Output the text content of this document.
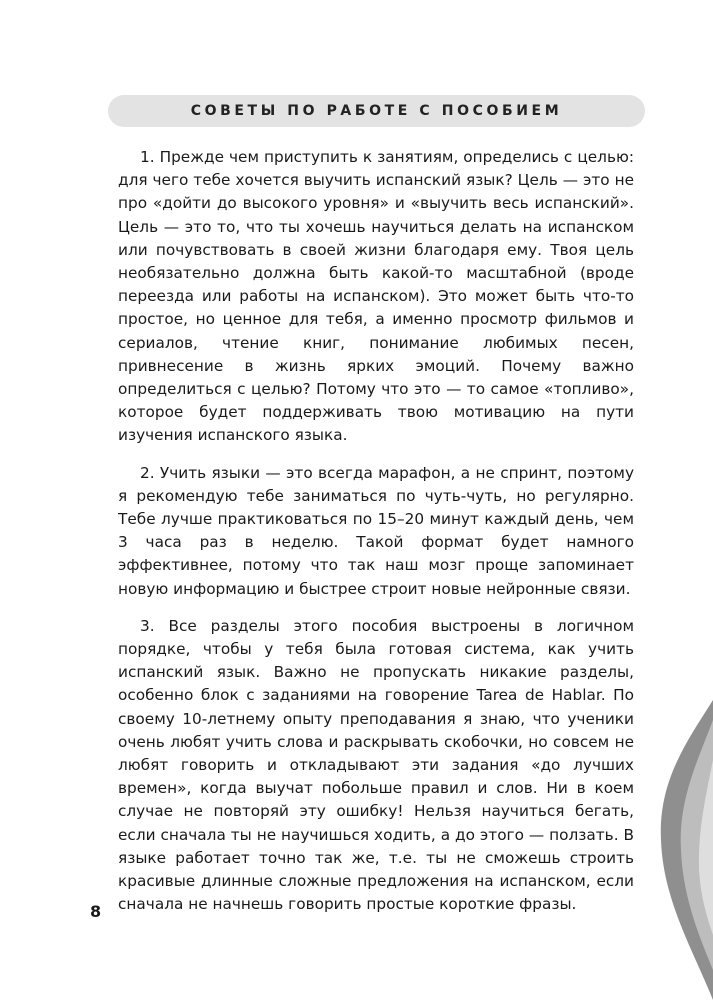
СОВЕТЫ ПО РАБОТЕ С ПОСОБИЕМ

1. Прежде чем приступить к занятиям, определись с целью: для чего тебе хочется выучить испанский язык? Цель — это не про «дойти до высокого уровня» и «выучить весь испанский». Цель — это то, что ты хочешь научиться делать на испанском или почувствовать в своей жизни благодаря ему. Твоя цель необязательно должна быть какой-то масштабной (вроде переезда или работы на испанском). Это может быть что-то простое, но ценное для тебя, а именно просмотр фильмов и сериалов, чтение книг, понимание любимых песен, привнесение в жизнь ярких эмоций. Почему важно определиться с целью? Потому что это — то самое «топливо», которое будет поддерживать твою мотивацию на пути изучения испанского языка.

2. Учить языки — это всегда марафон, а не спринт, поэтому я рекомендую тебе заниматься по чуть-чуть, но регулярно. Тебе лучше практиковаться по 15–20 минут каждый день, чем 3 часа раз в неделю. Такой формат будет намного эффективнее, потому что так наш мозг проще запоминает новую информацию и быстрее строит новые нейронные связи.

3. Все разделы этого пособия выстроены в логичном порядке, чтобы у тебя была готовая система, как учить испанский язык. Важно не пропускать никакие разделы, особенно блок с заданиями на говорение Tarea de Hablar. По своему 10-летнему опыту преподавания я знаю, что ученики очень любят учить слова и раскрывать скобочки, но совсем не любят говорить и откладывают эти задания «до лучших времен», когда выучат побольше правил и слов. Ни в коем случае не повторяй эту ошибку! Нельзя научиться бегать, если сначала ты не научишься ходить, а до этого — ползать. В языке работает точно так же, т.е. ты не сможешь строить красивые длинные сложные предложения на испанском, если сначала не начнешь говорить простые короткие фразы.

8
